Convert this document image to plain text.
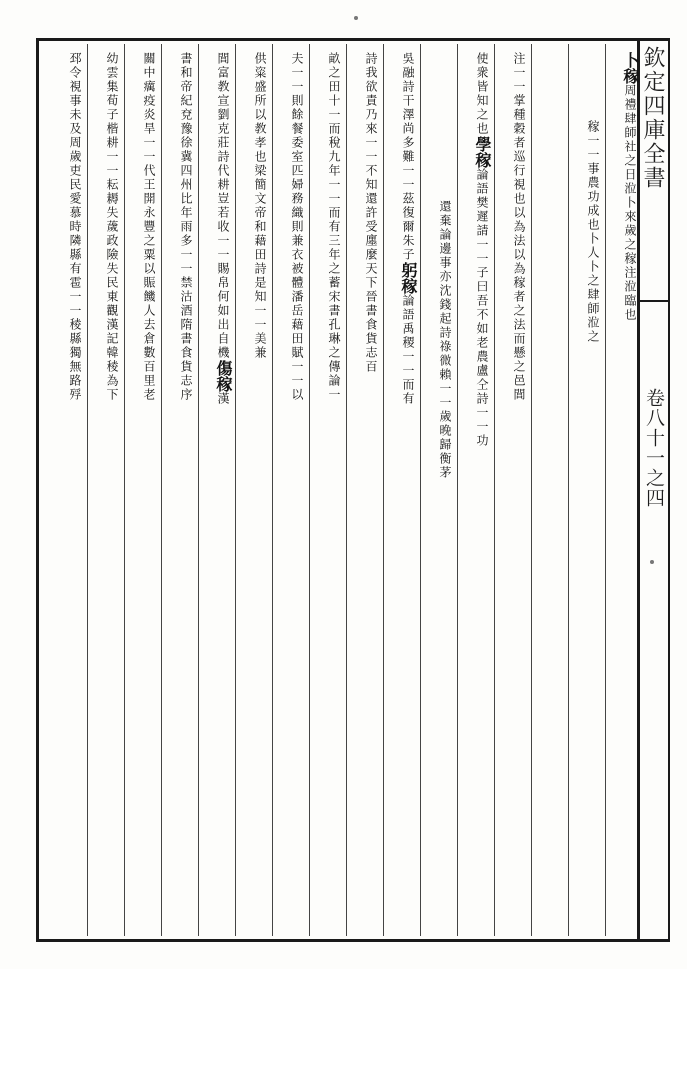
欽定四庫全書
卷八十一之四
卜稼周禮肆師社之日涖卜來歲之稼注涖臨也
稼一一事農功成也卜人卜之肆師涖之
注一一掌種穀者巡行視也以為法以為稼者之法而懸之邑閭
使衆皆知之也學稼論語樊遲請一一子曰吾不如老農盧仝詩一一功
還棄論邊事亦沈錢起詩祿微賴一一歲晚歸衡茅
吳融詩干澤尚多難一一茲復爾朱子躬稼論語禹稷一一而有
詩我欲責乃來一一不知還許受廛麼天下晉書食貨志百
畝之田十一而稅九年一一而有三年之蓄宋書孔琳之傳論一
夫一一則餘餐委室匹婦務織則兼衣被體潘岳藉田賦一一以
供粢盛所以教孝也梁簡文帝和藉田詩是知一一美兼
閭富教宣劉克莊詩代耕豈若收一一賜帛何如出自機傷稼漢
書和帝紀兗豫徐冀四州比年雨多一一禁沽酒隋書食貨志序
關中癘疫炎旱一一代王開永豐之粟以賑饑人去倉數百里老
幼雲集荀子楷耕一一耘耨失薉政險失民東觀漢記韓稜為下
邳令視事未及周歲吏民愛慕時隣縣有雹一一稜縣獨無路殍
